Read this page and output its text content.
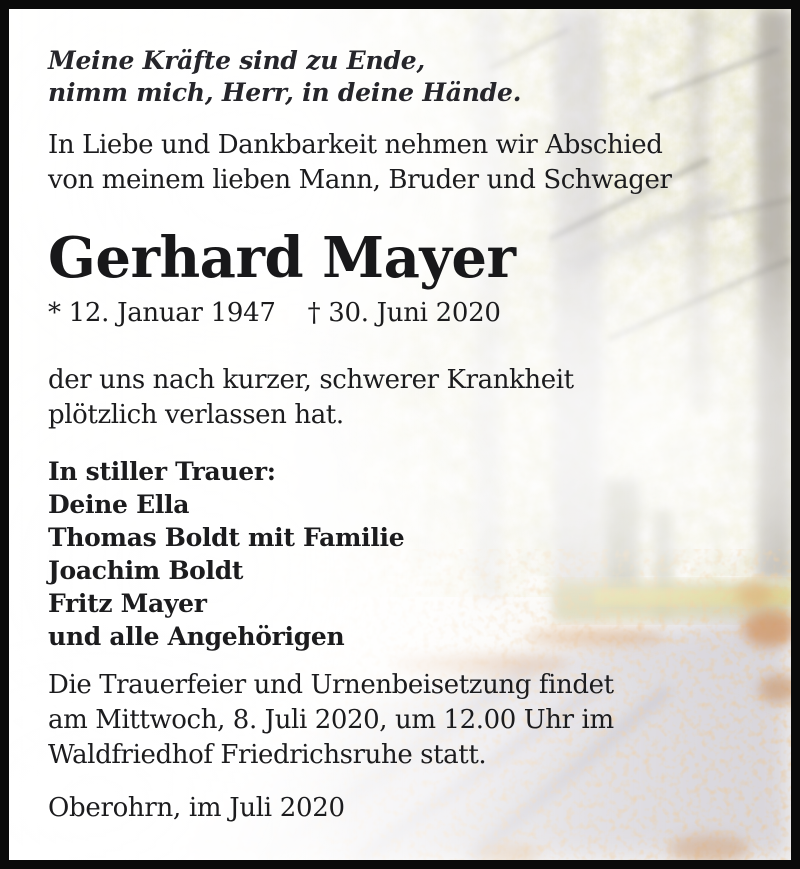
Meine Kräfte sind zu Ende,
nimm mich, Herr, in deine Hände.
In Liebe und Dankbarkeit nehmen wir Abschied
von meinem lieben Mann, Bruder und Schwager
Gerhard Mayer
* 12. Januar 1947 † 30. Juni 2020
der uns nach kurzer, schwerer Krankheit
plötzlich verlassen hat.
In stiller Trauer:
Deine Ella
Thomas Boldt mit Familie
Joachim Boldt
Fritz Mayer
und alle Angehörigen
Die Trauerfeier und Urnenbeisetzung findet
am Mittwoch, 8. Juli 2020, um 12.00 Uhr im
Waldfriedhof Friedrichsruhe statt.
Oberohrn, im Juli 2020
